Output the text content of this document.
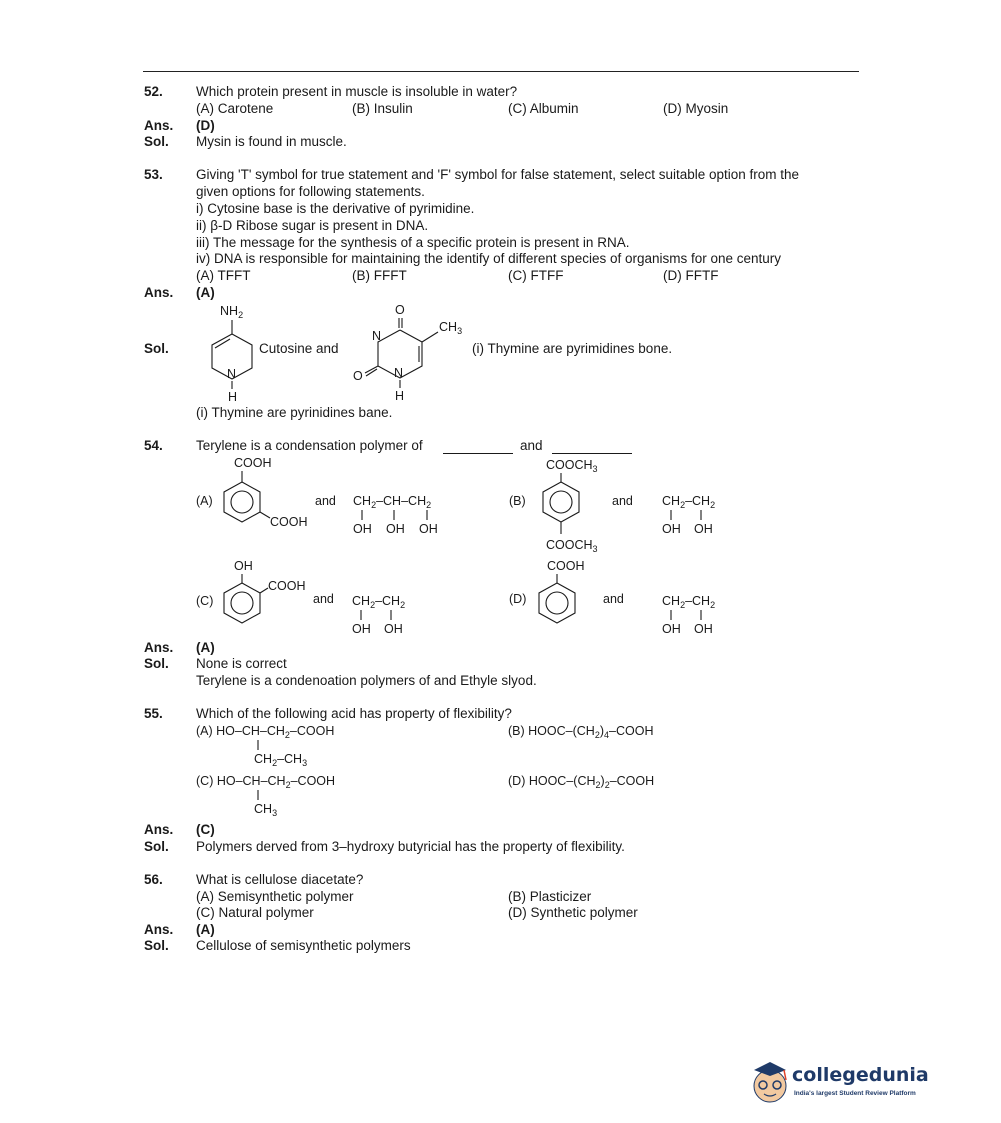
52. Which protein present in muscle is insoluble in water?
(A) Carotene	(B) Insulin	(C) Albumin	(D) Myosin
Ans. (D)
Sol. Mysin is found in muscle.
53. Giving 'T' symbol for true statement and 'F' symbol for false statement, select suitable option from the
given options for following statements.
i) Cytosine base is the derivative of pyrimidine.
ii) β-D Ribose sugar is present in DNA.
iii) The message for the synthesis of a specific protein is present in RNA.
iv) DNA is responsible for maintaining the identify of different species of organisms for one century
(A) TFFT	(B) FFFT	(C) FTFF	(D) FFTF
Ans. (A)
Sol.
$NH_2$
N
H
Cutosine and
O
N
N
$CH_3$
O
H
(i) Thymine are pyrimidines bone.
(i) Thymine are pyrinidines bane.
54. Terylene is a condensation polymer of	and
(A)
COOH
COOH
and $CH_2-CH-CH_2$
OH OH OH
(B)
$COOCH_3$
$COOCH_3$
and $CH_2-CH_2$
OH OH
(C)
OH
COOH
and $CH_2-CH_2$
OH OH
(D)
COOH
and	$CH_2-CH_2$
OH OH
Ans. (A)
Sol. None is correct
Terylene is a condenoation polymers of and Ethyle slyod.
55. Which of the following acid has property of flexibility?
(A) $HO-CH-CH_2$–COOH
$CH_2-CH_3$
(B) HOOC–$(CH_2)_4$–COOH
(C) $HO-CH-CH_2$–COOH
$CH_3$
(D) HOOC–$(CH_2)_2$–COOH
Ans. (C)
Sol. Polymers derved from 3–hydroxy butyricial has the property of flexibility.
56. What is cellulose diacetate?
(A) Semisynthetic polymer	(B) Plasticizer
(C) Natural polymer	(D) Synthetic polymer
Ans. (A)
Sol. Cellulose of semisynthetic polymers
collegedunia
India's largest Student Review Platform
